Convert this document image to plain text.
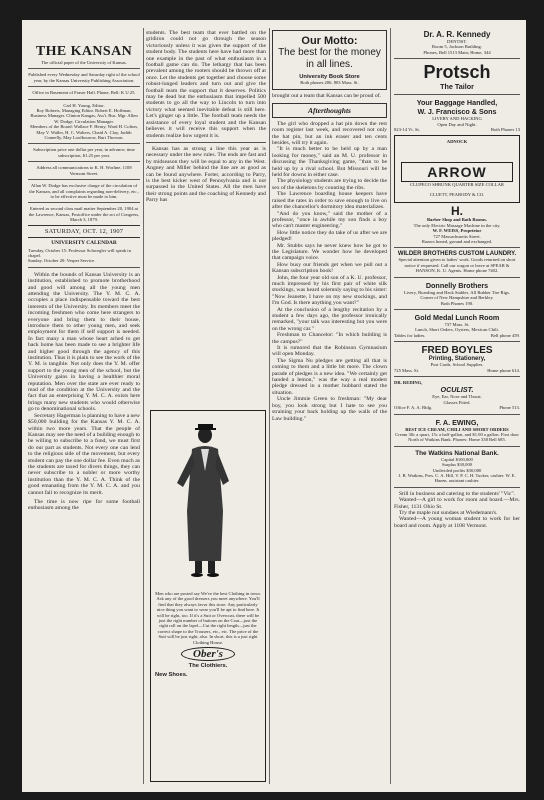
THE KANSAN

The official paper of the University of Kansas.

Published every Wednesday and Saturday right of the school year, by the Kansas University Publishing Association.

Office in Basement of Fraser Hall. Phone, Bell: K U 25.

Carl H. Young, Editor.

Roy Roberts, Managing Editor. Robert E. Hoffman, Business Manager. Clinton Kangas, Ass't. Bus. Mgr. Allen W. Dodge, Circulation Manager.

Members of the Board: Wallace F. Henry, Ward H. Colton, May V. Waller, H. C. Walters, Chaid A. Clay, Judith Connelly, May Loofbourow, Burt Thorson.

Subscription price one dollar per year, in advance; time subscription, $1.25 per year.

Address all communications to K. H. Worline, 1108 Vermont Street.

Allan W. Dodge has exclusive charge of the circulation of the Kansan, and all complaints regarding non-delivery, etc., to be effective must be made to him.

Entered as second class mail matter September 20, 1904 at the Lawrence, Kansas, Postoffice under the act of Congress, March 3, 1879.

SATURDAY, OCT. 12, 1907
UNIVERSITY CALENDAR

Tuesday, October 15: Professor Schwegler will speak in chapel.

Sunday, October 20: Vesper Service.

Within the bounds of Kansas University is an institution, established to promote brotherhood and good will among all the young men attending the University. The Y. M. C. A. occupies a place indispensable toward the best interests of the University. Its members meet the incoming freshmen who come here strangers to everyone and bring them to their house, introduce them to other young men, and seek employment for them if self support is needed. In fact many a man whose heart ached to get back home has been made to see a brighter life and higher good through the agency of this institution. Thus it is plain to see the work of the Y. M. is tangible. Not only does the Y. M. offer support to the young men of the school, but the University gains in having a healthier moral reputation. Men over the state are ever ready to read of the condition at the University and the fact that an enterprising Y. M. C. A. exists here brings many new students who would otherwise go to denominational schools.

Secretary Hagerman is planning to have a new $50,000 building for the Kansas Y. M. C. A. within two more years. That the people of Kansas may see the need of a building enough to be willing to subscribe to a fund, we must first do our part as students. Not every one can lend to the religious side of the movement, but every student can pay the one dollar fee. Even much as the students are taxed for divers things, they can never subscribe to a nobler or more worthy institution than the Y. M. C. A. Think of the good emanating from the Y. M. C. A. and you cannot fail to recognize its merit.

The time is now ripe for some football enthusiasm among the

students. The best team that ever battled on the gridiron could not go through the season victoriously unless it was given the support of the student body. The students here have had more than one example in the past of what enthusiasm in a football game can do. The lethargy that has been prevalent among the rooters should be thrown off at once. Let the students get together and choose some robust-lunged leaders and turn out and give the football team the support that it deserves. Politics may be dead but the enthusiasm that impelled 500 students to go all the way to Lincoln to turn into victory what seemed inevitable defeat is still here. Let's ginger up a little. The football team needs the assistance of every loyal student and the Kansan believes it will receive this support when the students realize how urgent it is.

Kansas has as strong a line this year as is necessary under the new rules. The ends are fast and by midseason they will be equal to any in the West. Angney and Miller behind the line are as good as can be found anywhere. Forter, according to Parry, is the best kicker west of Pennsylvania and is not surpassed in the United States. All the men have their strong points and the coaching of Kennedy and Parry has

Men who are posted say We've the best Clothing in town. Ask any of the good dressers you meet anywhere. You'll find that they always favor this store. Any particularly nice thing you want to wear you'll be apt to find here. It will be right, too. If it's a Suit or Overcoat, there will be just the right number of buttons on the Coat—just the right roll on the lapel—Cut the right length—just the correct shape to the Trousers, etc., etc. The price of the Suit will be just right, also. In short, this is a just right Clothing House.

Ober's
The Clothiers.
New Shoes.
Our Motto:
The best for the money in all lines.
University Book Store
Both phones 206. 803 Mass. St.

brought out a team that Kansas can be proud of.

Afterthoughts

The girl who dropped a hat pin down the rest room register last week, and recovered not only the hat pin, but an ink eraser and ten cents besides, will try it again.

"It is much better to be held up by a man looking for money," said an M. U. professor in discussing the Thanksgiving game, "than to be held up by a rival school. But Missouri will be held for downs in either case.

The physiology students are trying to decide the sex of the skeletons by counting the ribs.

The Lawrence boarding house keepers have raised the rates in order to save enough to live on after the chancellor's dormitory idea materializes.

"And do you know," said the mother of a professor, "once in awhile my son finds a boy who can't master engineering."

How little notice they do take of us after we are pledged!

Mr. Stubbs says he never knew how he got to the Legislature. We wonder how he developed that campaign voice.

How busy our friends get when we pull out a Kansan subscription book!

John, the four year old son of a K. U. professor, much impressed by his first pair of white silk stockings, was heard solemnly saying to his sister: "Now Jeanette, I have on my new stockings, and I'm God. Is there anything you want?"

At the conclusion of a lengthy recitation by a student a few days ago, the professor ironically remarked, "your talk was interesting but you were on the wrong car."

Freshman to Chancelor: "In which building is the campus?"

It is rumored that the Robinson Gymnasium will open Monday.

The Sigma Nu pledges are getting all that is coming to them and a little bit more. The clown parade of pledges is a new idea. "We certainly get handed a lemon," was the way a real modest pledge dressed in a mother hubbard stated the situation.

Uncle Jimmie Green to freshman: "My dear boy, you look strong but I hate to see you straining your back holding up the walls of the Law building."

Dr. A. R. Kennedy
DENTIST.
Room 5, Jackson Building.
Phones, Bell 1513 Main; Home, 344
Protsch
The Tailor
Your Baggage Handled,
W. J. Francisco & Sons
LIVERY AND HACKING
Open Day and Night.
823-14 Vt. St.	Both Phones 13
ADNOCK
ARROW
CLUPECO SHRUNK QUARTER SIZE COLLAR
CLUETT, PEABODY & CO.
H.
Barber Shop and Bath Rooms.
The only Electric Massage Machine in the city.
W. F. WEISS, Proprietor
727 Massachusetts Street.
Razors honed, ground and exchanged.
WILDER BROTHERS CUSTOM LAUNDRY.

Special attention given to ladies' work. Goods returned on short notice if requested. Call our wagon or leave at SPEAR & HANSON, K. U. Agents. Home phone 7402.

Donnelly Brothers
Livery, Boarding and Hack Stables. All Rubber Tire Rigs.
Corner of New Hampshire and Berkley.
Both Phones 190.
Gold Medal Lunch Room
737 Mass. St.
Lunch, Short Orders, Oysters, Mexican Chili.
Tables for ladies.	Bell phone 459.
FRED BOYLES
Printing, Stationery,
Post Cards, School Supplies.
725 Mass. St.	Home phone 614.
DR. REDING,
OCULIST.
Eye, Ear, Nose and Throat.
Glasses Fitted.
Office F. A. A. Bldg.	Phone 513.
F. A. EWING,
BEST ICE CREAM, CHILI AND SHORT ORDERS

Cream 30c a quart, 15c a half-gallon, and $1.00 a gallon. First door North of Watkins Bank. Phones: Home 338 Bell 685.

The Watkins National Bank.
Capital $100,000
Surplus $30,000
Undivided profits $30,000

J. B. Watkins, Pres. C. A. Hill, V. P. C. H. Tucker, cashier. W. E. Hazen, assistant cashier.

Still in business and catering to the students' "Vic".

Wanted—A girl to work for room and board.—Mrs. Fisher, 1131 Ohio St.

Try the maple nut sundaes at Wiedemann's.

Wanted—A young woman student to work for her board and room. Apply at 1108 Vermont.
